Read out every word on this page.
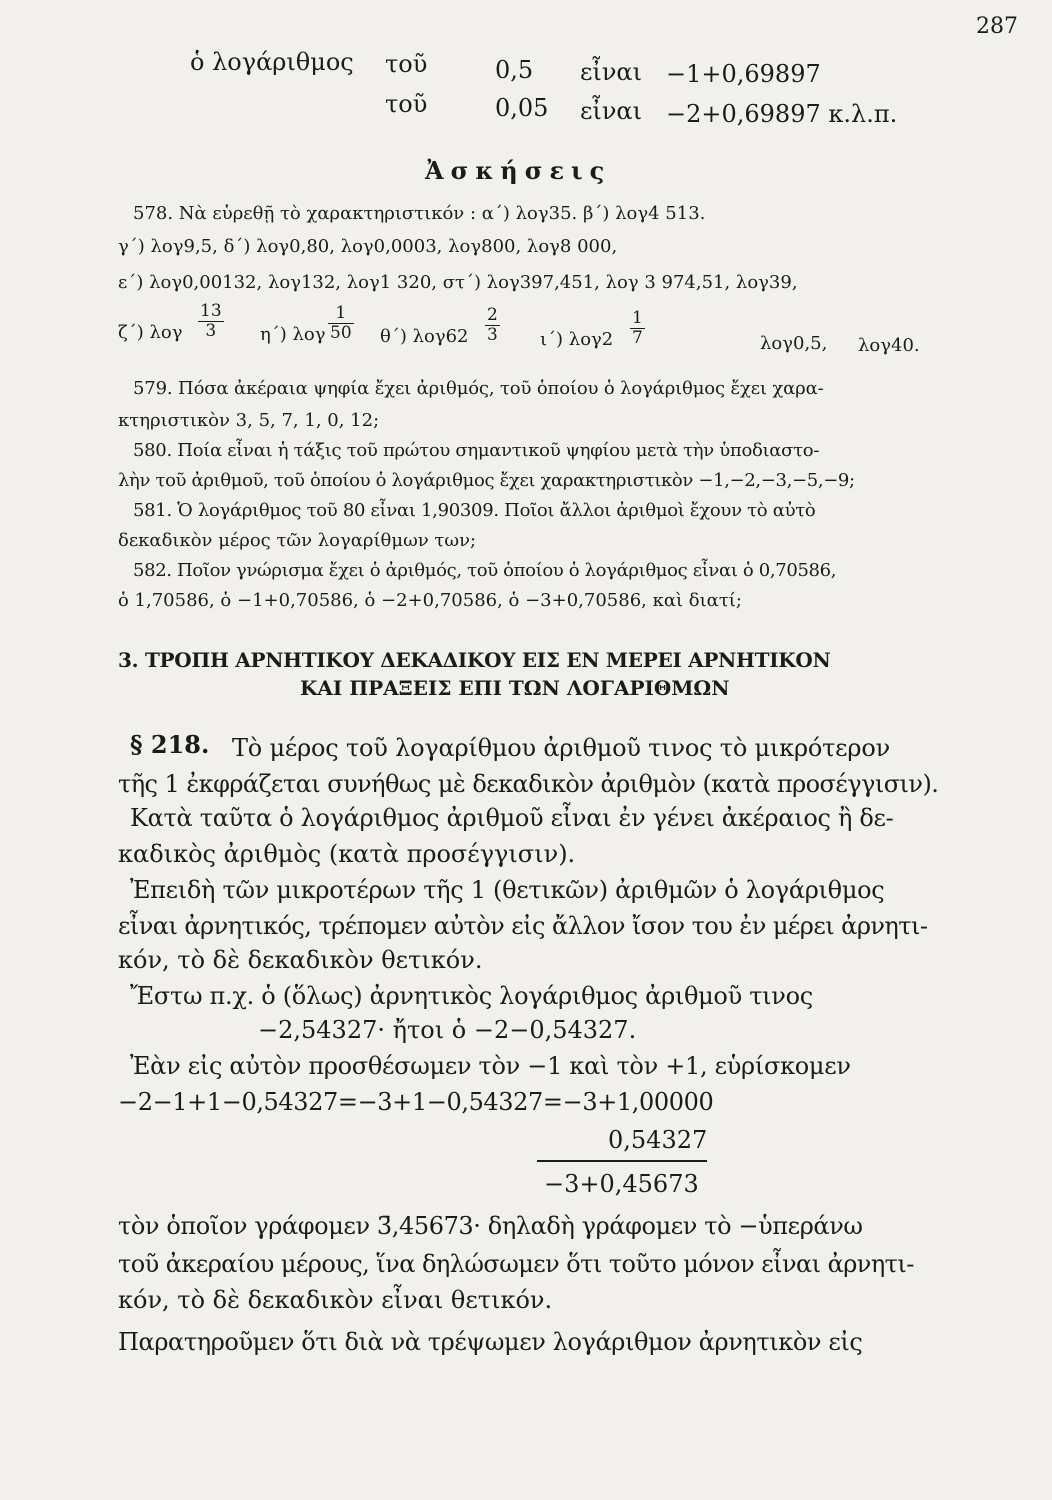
287
ὁ λογάριθμος τοῦ	0,5 εἶναι −1+0,69897
τοῦ	0,05 εἶναι −2+0,69897 κ.λ.π.
Ἀσκήσεις
578. Νὰ εὑρεθῇ τὸ χαρακτηριστικόν : α΄) λογ35. β΄) λογ4 513.
γ΄) λογ9,5, δ΄) λογ0,80, λογ0,0003, λογ800, λογ8 000,
ε΄) λογ0,00132, λογ132, λογ1 320, στ΄) λογ397,451, λογ 3 974,51, λογ39,
ζ΄) λογ $\frac{13}{3} \eta΄$) λογ $\frac{1}{50} \theta΄$) $\lambda o\gamma 62 \frac{2}{3} \iota΄$) $\lambda o\gamma 2 \frac{1}{7}$	λογ0,5, λογ40.
579. Πόσα ἀκέραια ψηφία ἔχει ἀριθμός, τοῦ ὁποίου ὁ λογάριθμος ἔχει χαρα-
κτηριστικὸν 3, 5, 7, 1, 0, 12;
580. Ποία εἶναι ἡ τάξις τοῦ πρώτου σημαντικοῦ ψηφίου μετὰ τὴν ὑποδιαστο-
λὴν τοῦ ἀριθμοῦ, τοῦ ὁποίου ὁ λογάριθμος ἔχει χαρακτηριστικὸν −1,−2,−3,−5,−9;
581. Ὁ λογάριθμος τοῦ 80 εἶναι 1,90309. Ποῖοι ἄλλοι ἀριθμοὶ ἔχουν τὸ αὐτὸ
δεκαδικὸν μέρος τῶν λογαρίθμων των;
582. Ποῖον γνώρισμα ἔχει ὁ ἀριθμός, τοῦ ὁποίου ὁ λογάριθμος εἶναι ὁ 0,70586,
ὁ 1,70586, ὁ −1+0,70586, ὁ −2+0,70586, ὁ −3+0,70586, καὶ διατί;
3. ΤΡΟΠΗ ΑΡΝΗΤΙΚΟΥ ΔΕΚΑΔΙΚΟΥ ΕΙΣ ΕΝ ΜΕΡΕΙ ΑΡΝΗΤΙΚΟΝ
ΚΑΙ ΠΡΑΞΕΙΣ ΕΠΙ ΤΩΝ ΛΟΓΑΡΙΘΜΩΝ
§ 218. Τὸ μέρος τοῦ λογαρίθμου ἀριθμοῦ τινος τὸ μικρότερον
τῆς 1 ἐκφράζεται συνήθως μὲ δεκαδικὸν ἀριθμὸν (κατὰ προσέγγισιν).
Κατὰ ταῦτα ὁ λογάριθμος ἀριθμοῦ εἶναι ἐν γένει ἀκέραιος ἢ δε-
καδικὸς ἀριθμὸς (κατὰ προσέγγισιν).
Ἐπειδὴ τῶν μικροτέρων τῆς 1 (θετικῶν) ἀριθμῶν ὁ λογάριθμος
εἶναι ἀρνητικός, τρέπομεν αὐτὸν εἰς ἄλλον ἴσον του ἐν μέρει ἀρνητι-
κόν, τὸ δὲ δεκαδικὸν θετικόν.
Ἔστω π.χ. ὁ (ὅλως) ἀρνητικὸς λογάριθμος ἀριθμοῦ τινος
−2,54327· ἤτοι ὁ −2−0,54327.
Ἐὰν εἰς αὐτὸν προσθέσωμεν τὸν −1 καὶ τὸν +1, εὑρίσκομεν
−2−1+1−0,54327=−3+1−0,54327=−3+1,00000
0,54327
−3+0,45673
τὸν ὁποῖον γράφομεν 3̄,45673· δηλαδὴ γράφομεν τὸ −ὑπεράνω
τοῦ ἀκεραίου μέρους, ἵνα δηλώσωμεν ὅτι τοῦτο μόνον εἶναι ἀρνητι-
κόν, τὸ δὲ δεκαδικὸν εἶναι θετικόν.
Παρατηροῦμεν ὅτι διὰ νὰ τρέψωμεν λογάριθμον ἀρνητικὸν εἰς
